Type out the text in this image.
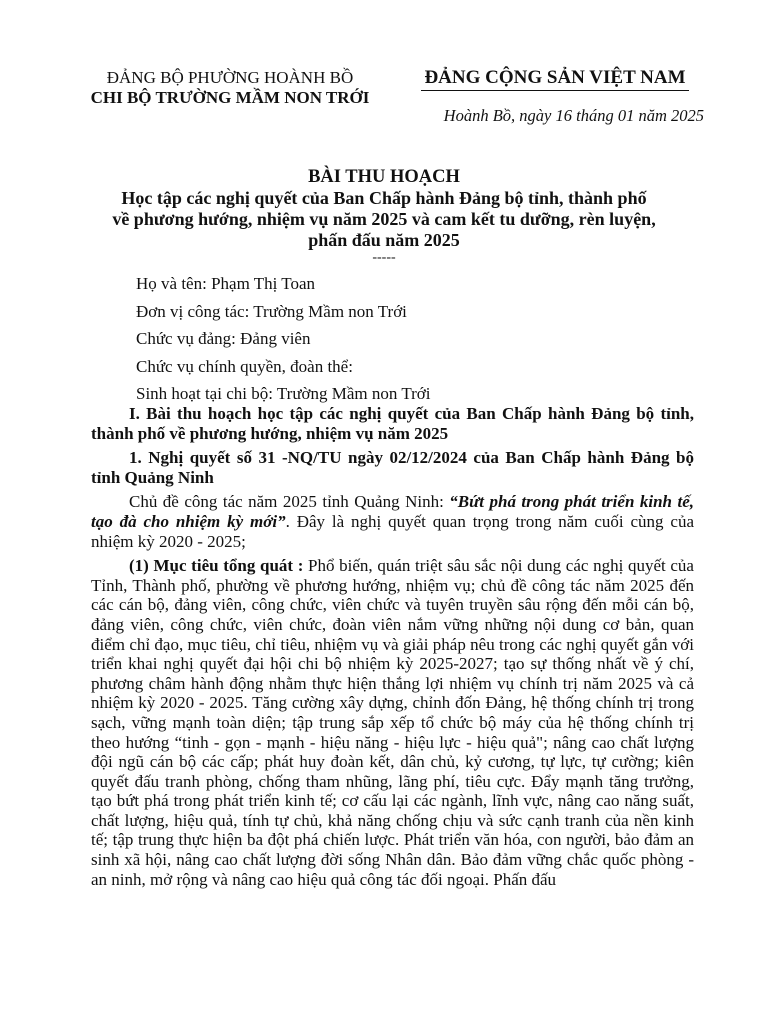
ĐẢNG BỘ PHƯỜNG HOÀNH BỒ
CHI BỘ TRƯỜNG MẦM NON TRỚI
ĐẢNG CỘNG SẢN VIỆT NAM
Hoành Bồ, ngày 16 tháng 01 năm 2025
BÀI THU HOẠCH
Học tập các nghị quyết của Ban Chấp hành Đảng bộ tỉnh, thành phố
về phương hướng, nhiệm vụ năm 2025 và cam kết tu dưỡng, rèn luyện,
phấn đấu năm 2025
-----
Họ và tên: Phạm Thị Toan
Đơn vị công tác: Trường Mầm non Trới
Chức vụ đảng: Đảng viên
Chức vụ chính quyền, đoàn thể:
Sinh hoạt tại chi bộ: Trường Mầm non Trới

I. Bài thu hoạch học tập các nghị quyết của Ban Chấp hành Đảng bộ tỉnh, thành phố về phương hướng, nhiệm vụ năm 2025

1. Nghị quyết số 31 -NQ/TU ngày 02/12/2024 của Ban Chấp hành Đảng bộ tỉnh Quảng Ninh

Chủ đề công tác năm 2025 tỉnh Quảng Ninh: “Bứt phá trong phát triển kinh tế, tạo đà cho nhiệm kỳ mới”. Đây là nghị quyết quan trọng trong năm cuối cùng của nhiệm kỳ 2020 - 2025;

(1) Mục tiêu tổng quát : Phổ biến, quán triệt sâu sắc nội dung các nghị quyết của Tỉnh, Thành phố, phường về phương hướng, nhiệm vụ; chủ đề công tác năm 2025 đến các cán bộ, đảng viên, công chức, viên chức và tuyên truyền sâu rộng đến mỗi cán bộ, đảng viên, công chức, viên chức, đoàn viên nắm vững những nội dung cơ bản, quan điểm chỉ đạo, mục tiêu, chỉ tiêu, nhiệm vụ và giải pháp nêu trong các nghị quyết gắn với triển khai nghị quyết đại hội chi bộ nhiệm kỳ 2025-2027; tạo sự thống nhất về ý chí, phương châm hành động nhằm thực hiện thắng lợi nhiệm vụ chính trị năm 2025 và cả nhiệm kỳ 2020 - 2025. Tăng cường xây dựng, chỉnh đốn Đảng, hệ thống chính trị trong sạch, vững mạnh toàn diện; tập trung sắp xếp tổ chức bộ máy của hệ thống chính trị theo hướng “tinh - gọn - mạnh - hiệu năng - hiệu lực - hiệu quả"; nâng cao chất lượng đội ngũ cán bộ các cấp; phát huy đoàn kết, dân chủ, kỷ cương, tự lực, tự cường; kiên quyết đấu tranh phòng, chống tham nhũng, lãng phí, tiêu cực. Đẩy mạnh tăng trưởng, tạo bứt phá trong phát triển kinh tế; cơ cấu lại các ngành, lĩnh vực, nâng cao năng suất, chất lượng, hiệu quả, tính tự chủ, khả năng chống chịu và sức cạnh tranh của nền kinh tế; tập trung thực hiện ba đột phá chiến lược. Phát triển văn hóa, con người, bảo đảm an sinh xã hội, nâng cao chất lượng đời sống Nhân dân. Bảo đảm vững chắc quốc phòng - an ninh, mở rộng và nâng cao hiệu quả công tác đối ngoại. Phấn đấu
